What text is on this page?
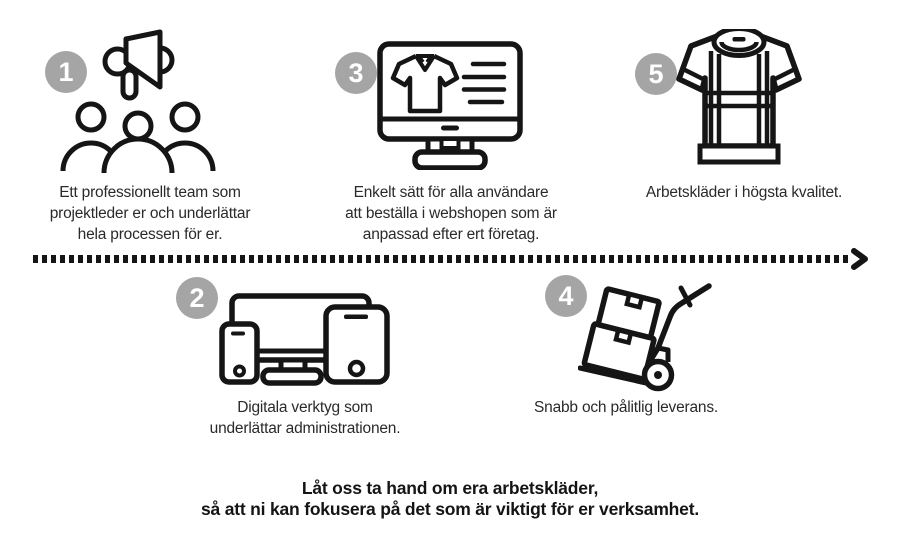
1
Ett professionellt team som
projektleder er och underlättar
hela processen för er.
3
Enkelt sätt för alla användare
att beställa i webshopen som är
anpassad efter ert företag.
5
Arbetskläder i högsta kvalitet.
2
Digitala verktyg som
underlättar administrationen.
4
Snabb och pålitlig leverans.
Låt oss ta hand om era arbetskläder,
så att ni kan fokusera på det som är viktigt för er verksamhet.
